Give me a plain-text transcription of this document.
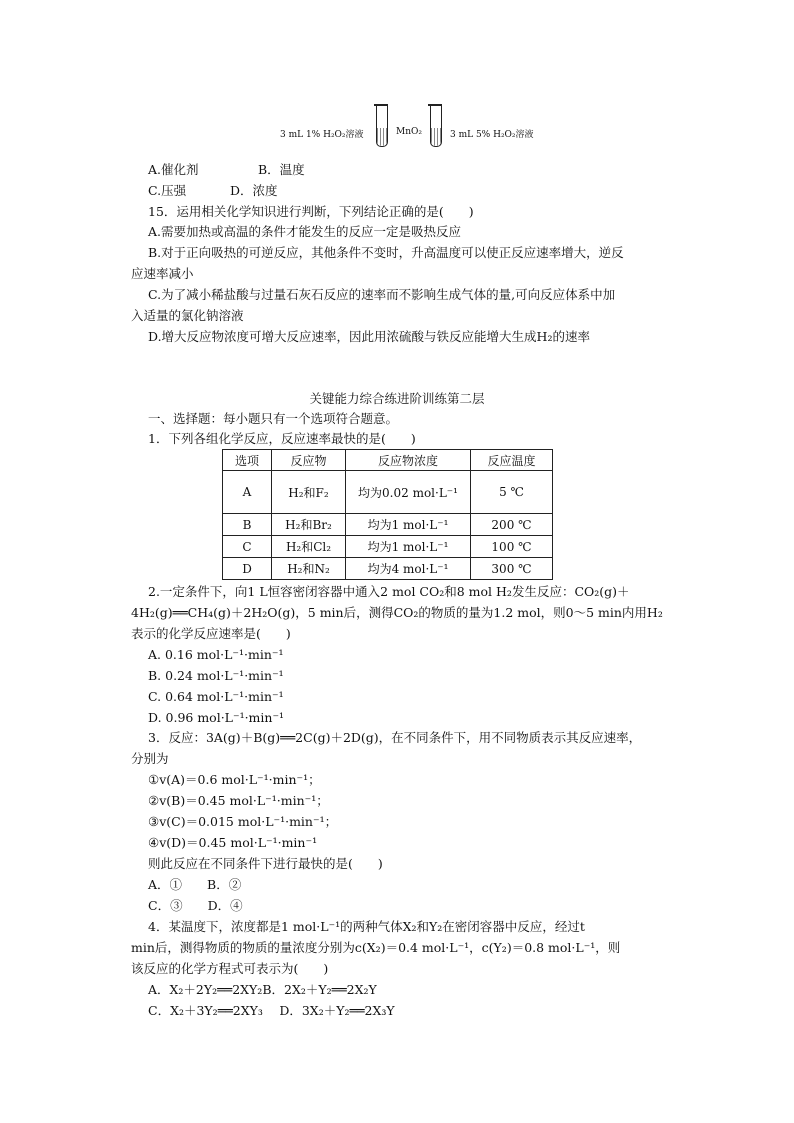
3 mL 1% H₂O₂溶液	MnO₂	3 mL 5% H₂O₂溶液
A.催化剂	B．温度
C.压强	D．浓度
15．运用相关化学知识进行判断，下列结论正确的是(　　)
A.需要加热或高温的条件才能发生的反应一定是吸热反应
B.对于正向吸热的可逆反应，其他条件不变时，升高温度可以使正反应速率增大，逆反
应速率减小
C.为了减小稀盐酸与过量石灰石反应的速率而不影响生成气体的量,可向反应体系中加
入适量的氯化钠溶液
D.增大反应物浓度可增大反应速率，因此用浓硫酸与铁反应能增大生成H₂的速率
关键能力综合练进阶训练第二层
一、选择题：每小题只有一个选项符合题意。
1．下列各组化学反应，反应速率最快的是(　　)
选项	反应物	反应物浓度	反应温度
A	H₂和F₂	均为0.02 mol·L⁻¹	5 ℃
B	H₂和Br₂	均为1 mol·L⁻¹	200 ℃
C	H₂和Cl₂	均为1 mol·L⁻¹	100 ℃
D	H₂和N₂	均为4 mol·L⁻¹	300 ℃
2.一定条件下，向1 L恒容密闭容器中通入2 mol CO₂和8 mol H₂发生反应：CO₂(g)＋
4H₂(g)══CH₄(g)＋2H₂O(g)，5 min后，测得CO₂的物质的量为1.2 mol，则0～5 min内用H₂
表示的化学反应速率是(　　)
A. 0.16 mol·L⁻¹·min⁻¹
B. 0.24 mol·L⁻¹·min⁻¹
C. 0.64 mol·L⁻¹·min⁻¹
D. 0.96 mol·L⁻¹·min⁻¹
3．反应：3A(g)＋B(g)══2C(g)＋2D(g)，在不同条件下，用不同物质表示其反应速率，
分别为
①v(A)＝0.6 mol·L⁻¹·min⁻¹；
②v(B)＝0.45 mol·L⁻¹·min⁻¹；
③v(C)＝0.015 mol·L⁻¹·min⁻¹；
④v(D)＝0.45 mol·L⁻¹·min⁻¹
则此反应在不同条件下进行最快的是(　　)
A．①　　B．②
C．③　　D．④
4．某温度下，浓度都是1 mol·L⁻¹的两种气体X₂和Y₂在密闭容器中反应，经过t
min后，测得物质的物质的量浓度分别为c(X₂)＝0.4 mol·L⁻¹，c(Y₂)＝0.8 mol·L⁻¹，则
该反应的化学方程式可表示为(　　)
A．X₂＋2Y₂══2XY₂B．2X₂＋Y₂══2X₂Y
C．X₂＋3Y₂══2XY₃　 D．3X₂＋Y₂══2X₃Y
